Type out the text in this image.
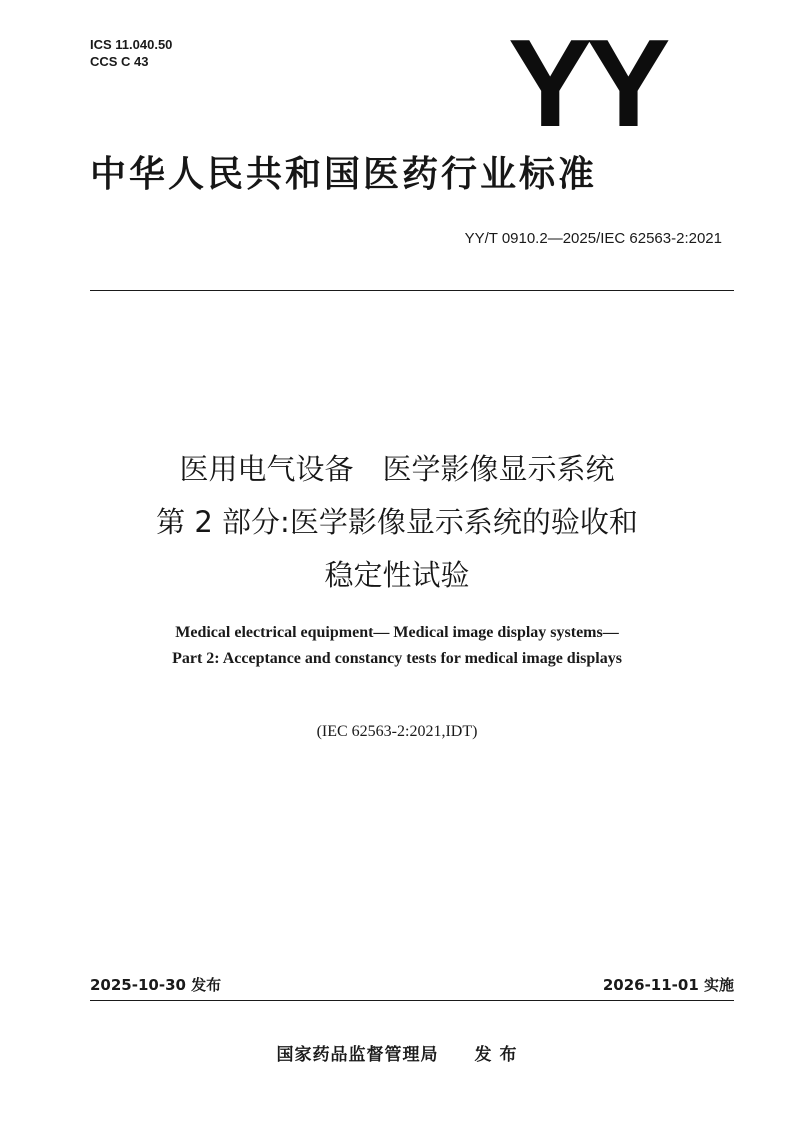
ICS 11.040.50
CCS C 43	YY
中华人民共和国医药行业标准
YY/T 0910.2—2025/IEC 62563-2:2021
医用电气设备　医学影像显示系统
第 2 部分:医学影像显示系统的验收和
稳定性试验
Medical electrical equipment— Medical image display systems—
Part 2: Acceptance and constancy tests for medical image displays
(IEC 62563-2:2021,IDT)
2025-10-30 发布	2026-11-01 实施
国家药品监督管理局 发 布
